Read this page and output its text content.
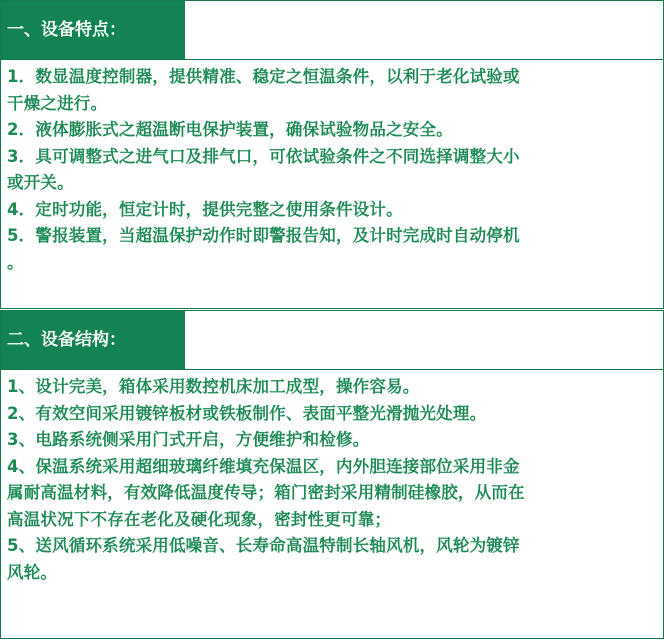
一、设备特点：
1．数显温度控制器，提供精准、稳定之恒温条件，以利于老化试验或
干燥之进行。
2．液体膨胀式之超温断电保护装置，确保试验物品之安全。
3．具可调整式之进气口及排气口，可依试验条件之不同选择调整大小
或开关。
4．定时功能，恒定计时，提供完整之使用条件设计。
5．警报装置，当超温保护动作时即警报告知，及计时完成时自动停机
。
二、设备结构：
1、设计完美，箱体采用数控机床加工成型，操作容易。
2、有效空间采用镀锌板材或铁板制作、表面平整光滑抛光处理。
3、电路系统侧采用门式开启，方便维护和检修。
4、保温系统采用超细玻璃纤维填充保温区，内外胆连接部位采用非金
属耐高温材料，有效降低温度传导；箱门密封采用精制硅橡胶，从而在
高温状况下不存在老化及硬化现象，密封性更可靠；
5、送风循环系统采用低噪音、长寿命高温特制长轴风机，风轮为镀锌
风轮。
